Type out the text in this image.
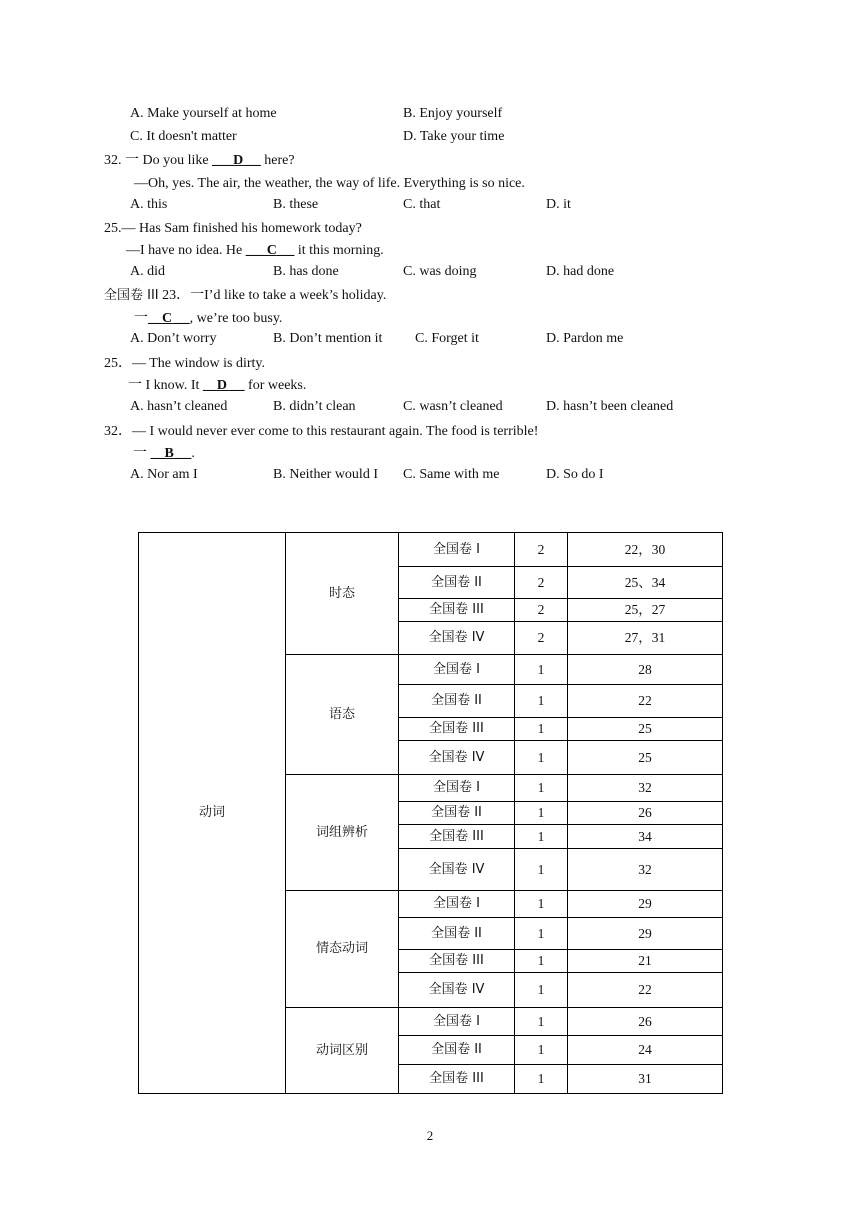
A. Make yourself at home	B. Enjoy yourself
C. It doesn't matter	D. Take your time
32. 一 Do you like ___D __ here?
—Oh, yes. The air, the weather, the way of life. Everything is so nice.
A. this	B. these	C. that	D. it
25.— Has Sam finished his homework today?
—I have no idea. He ___C __ it this morning.
A. did	B. has done	C. was doing	D. had done
全国卷 III 23．一I’d like to take a week’s holiday.
一__C __, we’re too busy.
A. Don’t worry	B. Don’t mention it C. Forget it	D. Pardon me
25．— The window is dirty.
一 I know. It __D __ for weeks.
A. hasn’t cleaned	B. didn’t clean	C. wasn’t cleaned	D. hasn’t been cleaned
32．— I would never ever come to this restaurant again. The food is terrible!
一 __B __.
A. Nor am I	B. Neither would I C. Same with me	D. So do I
动词	时态	全国卷 I	2	22，30
		全国卷 II	2	25、34
		全国卷 III	2	25，27
		全国卷 IV	2	27，31
	语态	全国卷 I	1	28
		全国卷 II	1	22
		全国卷 III	1	25
		全国卷 IV	1	25
	词组辨析	全国卷 I	1	32
		全国卷 II	1	26
		全国卷 III	1	34
		全国卷 IV	1	32
	情态动词	全国卷 I	1	29
		全国卷 II	1	29
		全国卷 III	1	21
		全国卷 IV	1	22
	动词区别	全国卷 I	1	26
		全国卷 II	1	24
		全国卷 III	1	31
2
